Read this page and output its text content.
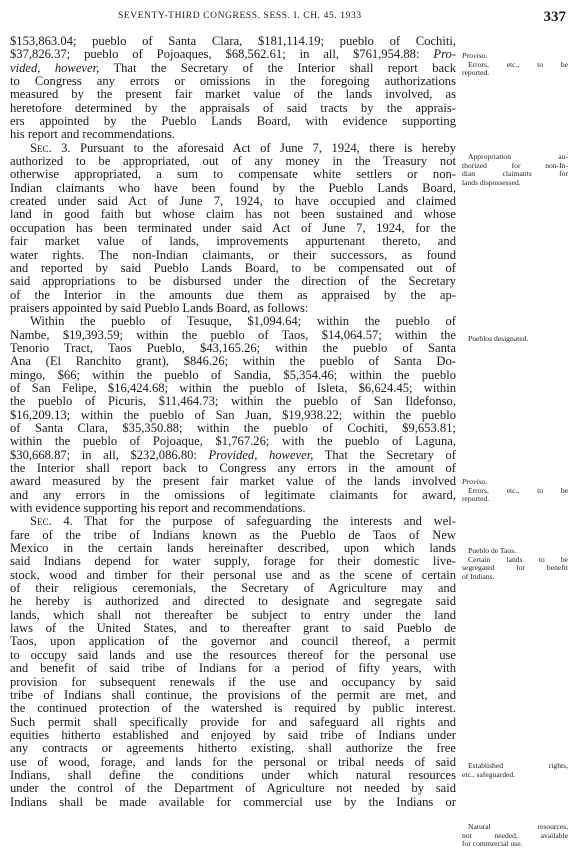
SEVENTY-THIRD CONGRESS. SESS. I. CH. 45. 1933	337

$153,863.04; pueblo of Santa Clara, $181,114.19; pueblo of Cochiti,

$37,826.37; pueblo of Pojoaques, $68,562.61; in all, $761,954.88: Pro-

vided, however, That the Secretary of the Interior shall report back

to Congress any errors or omissions in the foregoing authorizations

measured by the present fair market value of the lands involved, as

heretofore determined by the appraisals of said tracts by the apprais-

ers appointed by the Pueblo Lands Board, with evidence supporting

his report and recommendations.

Sec. 3. Pursuant to the aforesaid Act of June 7, 1924, there is hereby

authorized to be appropriated, out of any money in the Treasury not

otherwise appropriated, a sum to compensate white settlers or non-

Indian claimants who have been found by the Pueblo Lands Board,

created under said Act of June 7, 1924, to have occupied and claimed

land in good faith but whose claim has not been sustained and whose

occupation has been terminated under said Act of June 7, 1924, for the

fair market value of lands, improvements appurtenant thereto, and

water rights. The non-Indian claimants, or their successors, as found

and reported by said Pueblo Lands Board, to be compensated out of

said appropriations to be disbursed under the direction of the Secretary

of the Interior in the amounts due them as appraised by the ap-

praisers appointed by said Pueblo Lands Board, as follows:

Within the pueblo of Tesuque, $1,094.64; within the pueblo of

Nambe, $19,393.59; within the pueblo of Taos, $14,064.57; within the

Tenorio Tract, Taos Pueblo, $43,165.26; within the pueblo of Santa

Ana (El Ranchito grant), $846.26; within the pueblo of Santa Do-

mingo, $66; within the pueblo of Sandia, $5,354.46; within the pueblo

of San Felipe, $16,424.68; within the pueblo of Isleta, $6,624.45; within

the pueblo of Picuris, $11,464.73; within the pueblo of San Ildefonso,

$16,209.13; within the pueblo of San Juan, $19,938.22; within the pueblo

of Santa Clara, $35,350.88; within the pueblo of Cochiti, $9,653.81;

within the pueblo of Pojoaque, $1,767.26; with the pueblo of Laguna,

$30,668.87; in all, $232,086.80: Provided, however, That the Secretary of

the Interior shall report back to Congress any errors in the amount of

award measured by the present fair market value of the lands involved

and any errors in the omissions of legitimate claimants for award,

with evidence supporting his report and recommendations.

Sec. 4. That for the purpose of safeguarding the interests and wel-

fare of the tribe of Indians known as the Pueblo de Taos of New

Mexico in the certain lands hereinafter described, upon which lands

said Indians depend for water supply, forage for their domestic live-

stock, wood and timber for their personal use and as the scene of certain

of their religious ceremonials, the Secretary of Agriculture may and

he hereby is authorized and directed to designate and segregate said

lands, which shall not thereafter be subject to entry under the land

laws of the United States, and to thereafter grant to said Pueblo de

Taos, upon application of the governor and council thereof, a permit

to occupy said lands and use the resources thereof for the personal use

and benefit of said tribe of Indians for a period of fifty years, with

provision for subsequent renewals if the use and occupancy by said

tribe of Indians shall continue, the provisions of the permit are met, and

the continued protection of the watershed is required by public interest.

Such permit shall specifically provide for and safeguard all rights and

equities hitherto established and enjoyed by said tribe of Indians under

any contracts or agreements hitherto existing, shall authorize the free

use of wood, forage, and lands for the personal or tribal needs of said

Indians, shall define the conditions under which natural resources

under the control of the Department of Agriculture not needed by said

Indians shall be made available for commercial use by the Indians or

Proviso.
Errors, etc., to be
reported.
Appropriation au-
thorized for non-In-
dian claimants for
lands dispossessed.
Pueblos designated.
Proviso.
Errors, etc., to be
reported.
Pueblo de Taos.
Certain lands to be
segregated for benefit
of Indians.
Established rights,
etc., safeguarded.
Natural resources,
not needed, available
for commercial use.
